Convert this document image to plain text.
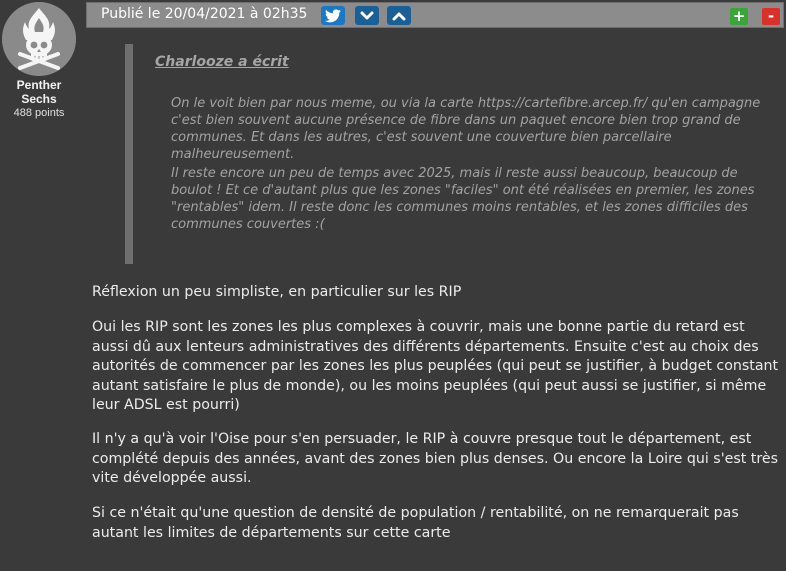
Penther
Sechs
488 points
Publié le 20/04/2021 à 02h35	+	-
Charlooze a écrit

On le voit bien par nous meme, ou via la carte https://cartefibre.arcep.fr/ qu'en campagne c'est bien souvent aucune présence de fibre dans un paquet encore bien trop grand de communes. Et dans les autres, c'est souvent une couverture bien parcellaire malheureusement.

Il reste encore un peu de temps avec 2025, mais il reste aussi beaucoup, beaucoup de boulot ! Et ce d'autant plus que les zones "faciles" ont été réalisées en premier, les zones "rentables" idem. Il reste donc les communes moins rentables, et les zones difficiles des communes couvertes :(

Réflexion un peu simpliste, en particulier sur les RIP

Oui les RIP sont les zones les plus complexes à couvrir, mais une bonne partie du retard est aussi dû aux lenteurs administratives des différents départements. Ensuite c'est au choix des autorités de commencer par les zones les plus peuplées (qui peut se justifier, à budget constant autant satisfaire le plus de monde), ou les moins peuplées (qui peut aussi se justifier, si même leur ADSL est pourri)

Il n'y a qu'à voir l'Oise pour s'en persuader, le RIP à couvre presque tout le département, est complété depuis des années, avant des zones bien plus denses. Ou encore la Loire qui s'est très vite développée aussi.

Si ce n'était qu'une question de densité de population / rentabilité, on ne remarquerait pas autant les limites de départements sur cette carte
